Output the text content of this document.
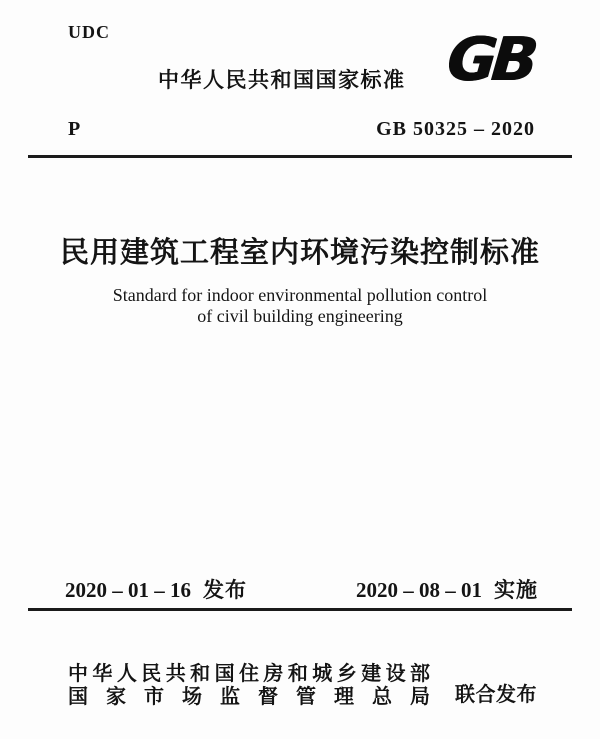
UDC
中华人民共和国国家标准 GB
P	GB 50325 – 2020
民用建筑工程室内环境污染控制标准
Standard for indoor environmental pollution control
of civil building engineering
2020 – 01 – 16 发布	2020 – 08 – 01 实施
中华人民共和国住房和城乡建设部
国家市场监督管理总局 联合发布
